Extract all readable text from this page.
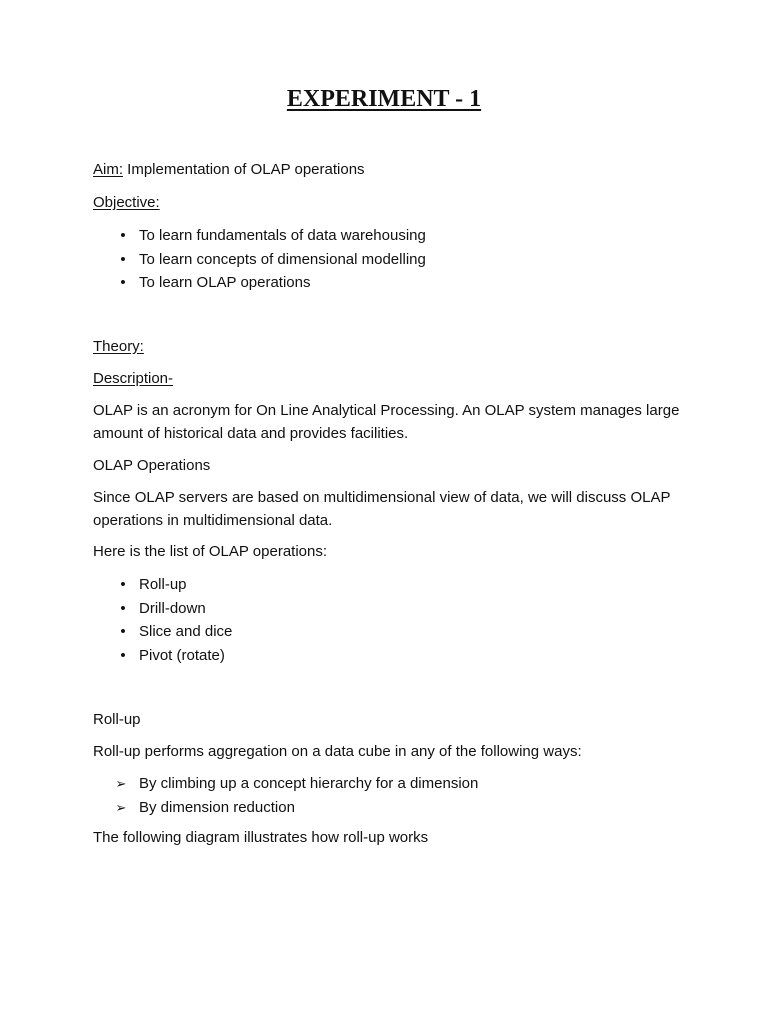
EXPERIMENT - 1

Aim: Implementation of OLAP operations

Objective:

• To learn fundamentals of data warehousing
• To learn concepts of dimensional modelling
• To learn OLAP operations

Theory:

Description-

OLAP is an acronym for On Line Analytical Processing. An OLAP system manages large amount of historical data and provides facilities.

OLAP Operations

Since OLAP servers are based on multidimensional view of data, we will discuss OLAP operations in multidimensional data.

Here is the list of OLAP operations:

• Roll-up
• Drill-down
• Slice and dice
• Pivot (rotate)

Roll-up

Roll-up performs aggregation on a data cube in any of the following ways:

➢ By climbing up a concept hierarchy for a dimension
➢ By dimension reduction

The following diagram illustrates how roll-up works
